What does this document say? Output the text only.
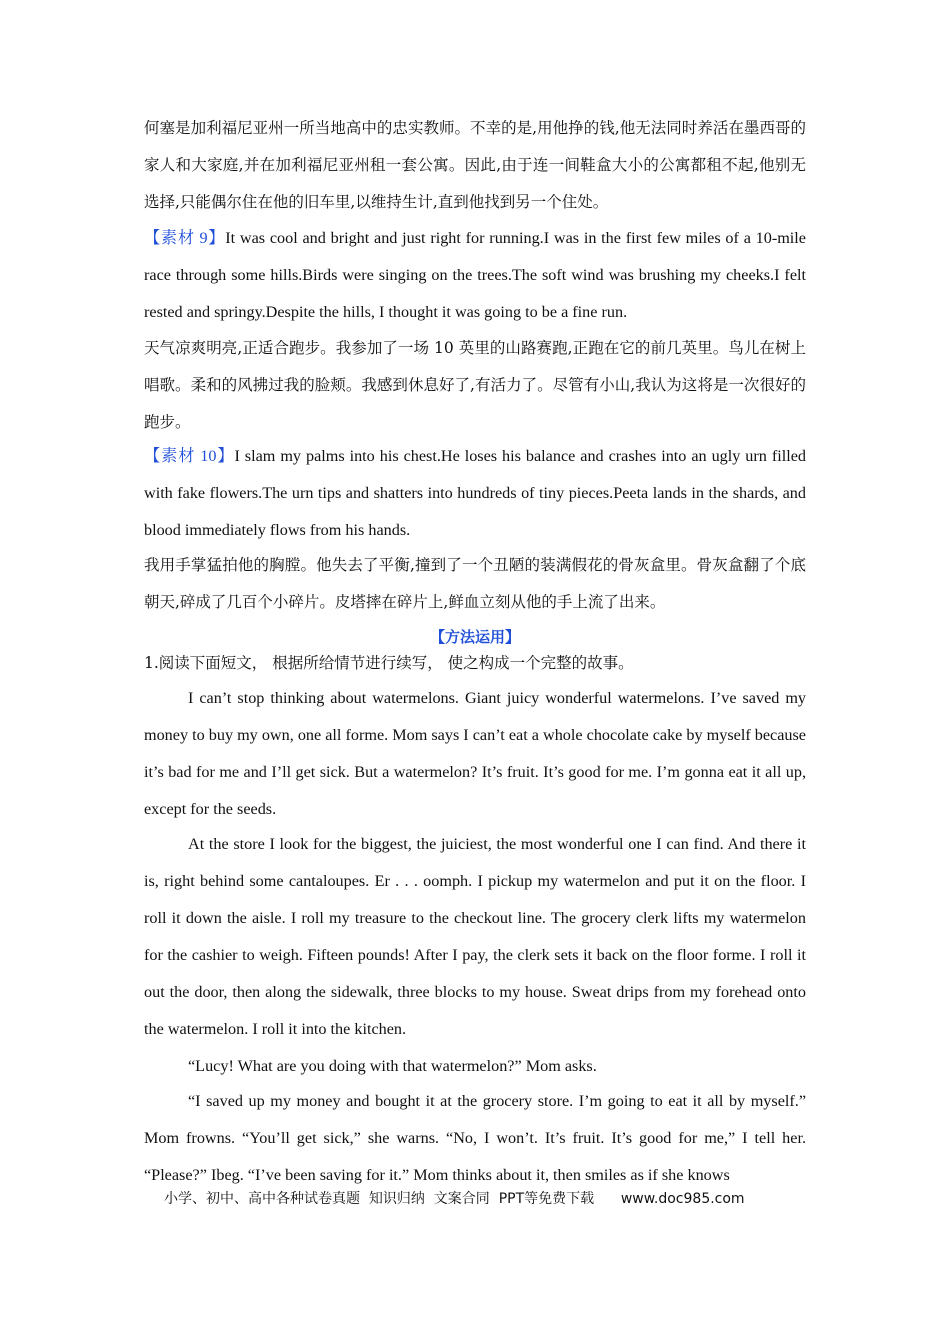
何塞是加利福尼亚州一所当地高中的忠实教师。不幸的是,用他挣的钱,他无法同时养活在墨西哥的家人和大家庭,并在加利福尼亚州租一套公寓。因此,由于连一间鞋盒大小的公寓都租不起,他别无选择,只能偶尔住在他的旧车里,以维持生计,直到他找到另一个住处。

【素材 9】It was cool and bright and just right for running.I was in the first few miles of a 10-mile race through some hills.Birds were singing on the trees.The soft wind was brushing my cheeks.I felt rested and springy.Despite the hills, I thought it was going to be a fine run.

天气凉爽明亮,正适合跑步。我参加了一场 10 英里的山路赛跑,正跑在它的前几英里。鸟儿在树上唱歌。柔和的风拂过我的脸颊。我感到休息好了,有活力了。尽管有小山,我认为这将是一次很好的跑步。

【素材 10】I slam my palms into his chest.He loses his balance and crashes into an ugly urn filled with fake flowers.The urn tips and shatters into hundreds of tiny pieces.Peeta lands in the shards, and blood immediately flows from his hands.

我用手掌猛拍他的胸膛。他失去了平衡,撞到了一个丑陋的装满假花的骨灰盒里。骨灰盒翻了个底朝天,碎成了几百个小碎片。皮塔摔在碎片上,鲜血立刻从他的手上流了出来。

【方法运用】

1.阅读下面短文， 根据所给情节进行续写， 使之构成一个完整的故事。

I can’t stop thinking about watermelons. Giant juicy wonderful watermelons. I’ve saved my money to buy my own, one all forme. Mom says I can’t eat a whole chocolate cake by myself because it’s bad for me and I’ll get sick. But a watermelon? It’s fruit. It’s good for me. I’m gonna eat it all up, except for the seeds.

At the store I look for the biggest, the juiciest, the most wonderful one I can find. And there it is, right behind some cantaloupes. Er . . . oomph. I pickup my watermelon and put it on the floor. I roll it down the aisle. I roll my treasure to the checkout line. The grocery clerk lifts my watermelon for the cashier to weigh. Fifteen pounds! After I pay, the clerk sets it back on the floor forme. I roll it out the door, then along the sidewalk, three blocks to my house. Sweat drips from my forehead onto the watermelon. I roll it into the kitchen.

“Lucy! What are you doing with that watermelon?” Mom asks.

“I saved up my money and bought it at the grocery store. I’m going to eat it all by myself.” Mom frowns. “You’ll get sick,” she warns. “No, I won’t. It’s fruit. It’s good for me,” I tell her. “Please?” Ibeg. “I’ve been saving for it.” Mom thinks about it, then smiles as if she knows

小学、初中、高中各种试卷真题  知识归纳  文案合同  PPT等免费下载      www.doc985.com
